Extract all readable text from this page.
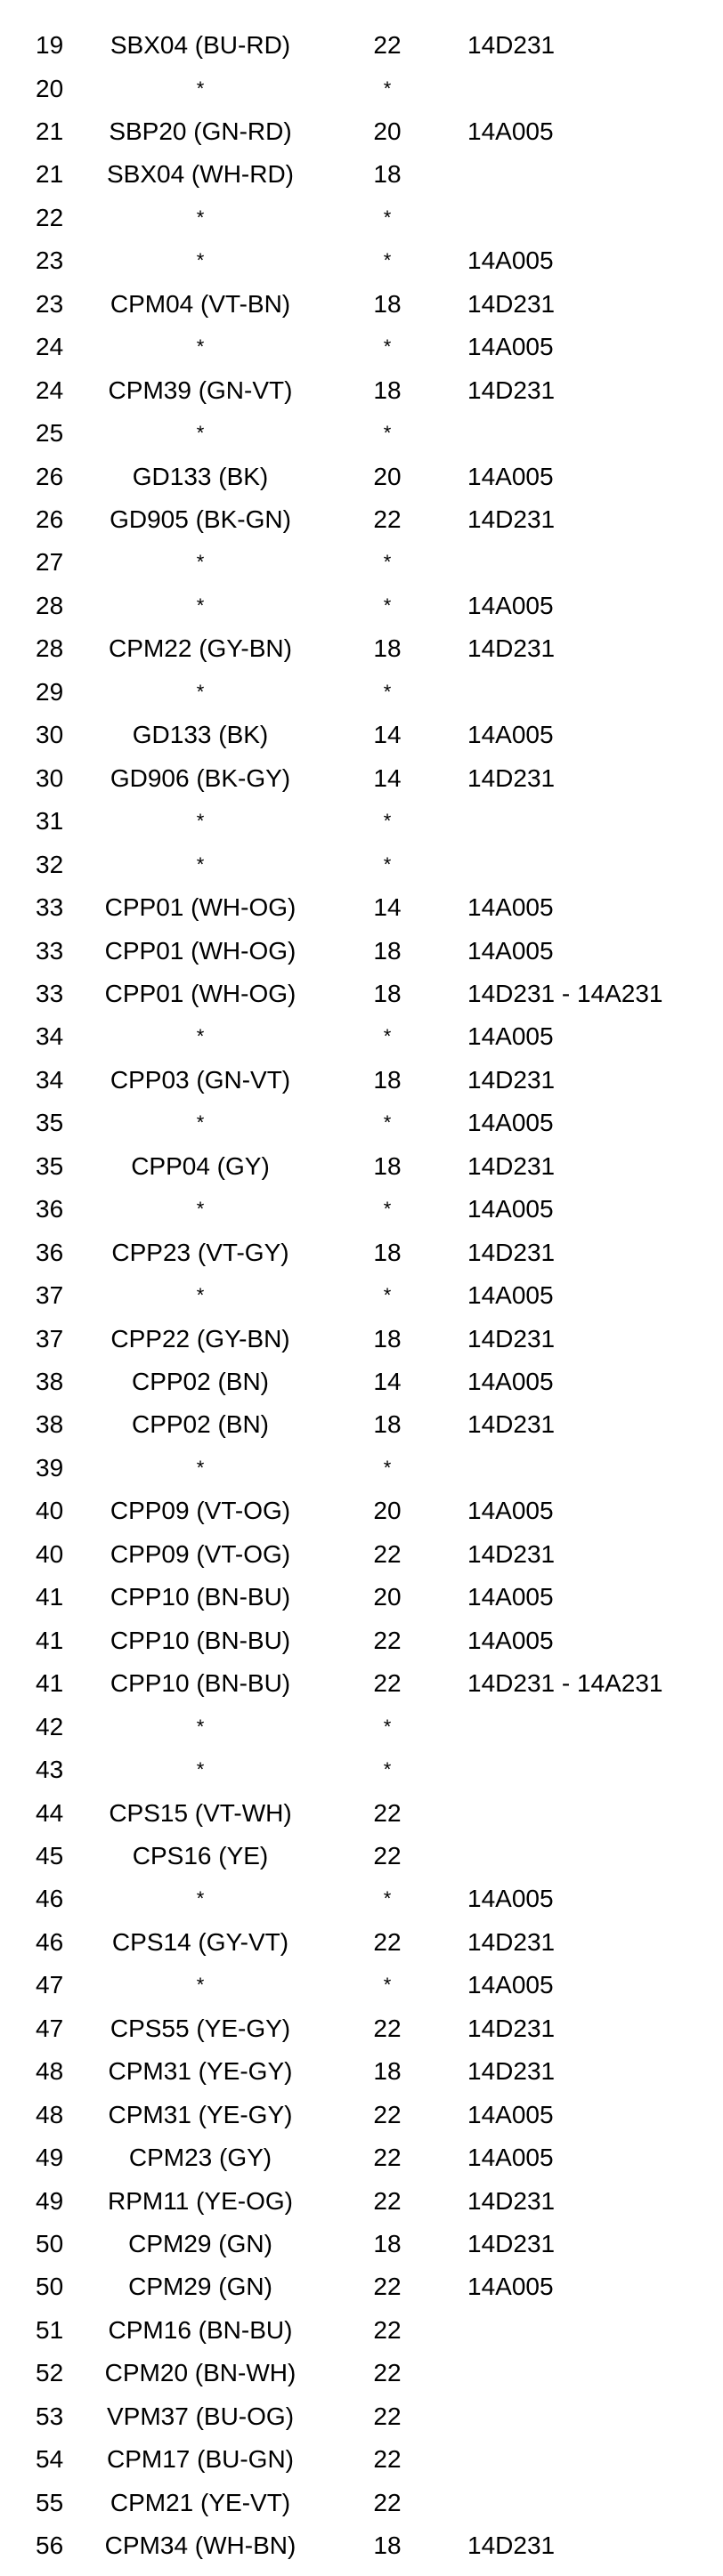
19	SBX04 (BU-RD)	22	14D231
20	*	*
21	SBP20 (GN-RD)	20	14A005
21	SBX04 (WH-RD)	18
22	*	*
23	*	*	14A005
23	CPM04 (VT-BN)	18	14D231
24	*	*	14A005
24	CPM39 (GN-VT)	18	14D231
25	*	*
26	GD133 (BK)	20	14A005
26	GD905 (BK-GN)	22	14D231
27	*	*
28	*	*	14A005
28	CPM22 (GY-BN)	18	14D231
29	*	*
30	GD133 (BK)	14	14A005
30	GD906 (BK-GY)	14	14D231
31	*	*
32	*	*
33	CPP01 (WH-OG)	14	14A005
33	CPP01 (WH-OG)	18	14A005
33	CPP01 (WH-OG)	18	14D231 - 14A231
34	*	*	14A005
34	CPP03 (GN-VT)	18	14D231
35	*	*	14A005
35	CPP04 (GY)	18	14D231
36	*	*	14A005
36	CPP23 (VT-GY)	18	14D231
37	*	*	14A005
37	CPP22 (GY-BN)	18	14D231
38	CPP02 (BN)	14	14A005
38	CPP02 (BN)	18	14D231
39	*	*
40	CPP09 (VT-OG)	20	14A005
40	CPP09 (VT-OG)	22	14D231
41	CPP10 (BN-BU)	20	14A005
41	CPP10 (BN-BU)	22	14A005
41	CPP10 (BN-BU)	22	14D231 - 14A231
42	*	*
43	*	*
44	CPS15 (VT-WH)	22
45	CPS16 (YE)	22
46	*	*	14A005
46	CPS14 (GY-VT)	22	14D231
47	*	*	14A005
47	CPS55 (YE-GY)	22	14D231
48	CPM31 (YE-GY)	18	14D231
48	CPM31 (YE-GY)	22	14A005
49	CPM23 (GY)	22	14A005
49	RPM11 (YE-OG)	22	14D231
50	CPM29 (GN)	18	14D231
50	CPM29 (GN)	22	14A005
51	CPM16 (BN-BU)	22
52	CPM20 (BN-WH)	22
53	VPM37 (BU-OG)	22
54	CPM17 (BU-GN)	22
55	CPM21 (YE-VT)	22
56	CPM34 (WH-BN)	18	14D231
